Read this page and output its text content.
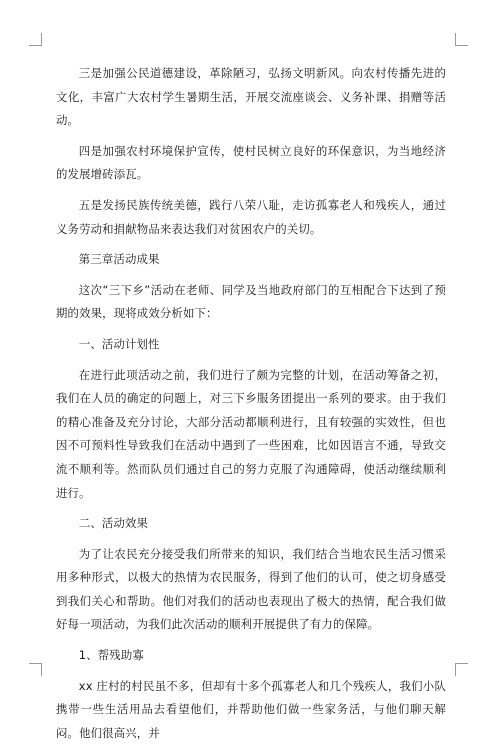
三是加强公民道德建设，革除陋习，弘扬文明新风。向农村传播先进的文化，丰富广大农村学生暑期生活，开展交流座谈会、义务补课、捐赠等活动。

四是加强农村环境保护宣传，使村民树立良好的环保意识，为当地经济的发展增砖添瓦。

五是发扬民族传统美德，践行八荣八耻，走访孤寡老人和残疾人，通过义务劳动和捐献物品来表达我们对贫困农户的关切。

第三章活动成果

这次“三下乡”活动在老师、同学及当地政府部门的互相配合下达到了预期的效果，现将成效分析如下：

一、活动计划性

在进行此项活动之前，我们进行了颇为完整的计划，在活动筹备之初，我们在人员的确定的问题上，对三下乡服务团提出一系列的要求。由于我们的精心准备及充分讨论，大部分活动都顺利进行，且有较强的实效性，但也因不可预料性导致我们在活动中遇到了一些困难，比如因语言不通，导致交流不顺利等。然而队员们通过自己的努力克服了沟通障碍，使活动继续顺利进行。

二、活动效果

为了让农民充分接受我们所带来的知识，我们结合当地农民生活习惯采用多种形式，以极大的热情为农民服务，得到了他们的认可，使之切身感受到我们关心和帮助。他们对我们的活动也表现出了极大的热情，配合我们做好每一项活动，为我们此次活动的顺利开展提供了有力的保障。

1、帮残助寡

xx 庄村的村民虽不多，但却有十多个孤寡老人和几个残疾人，我们小队携带一些生活用品去看望他们，并帮助他们做一些家务活，与他们聊天解闷。他们很高兴，并
